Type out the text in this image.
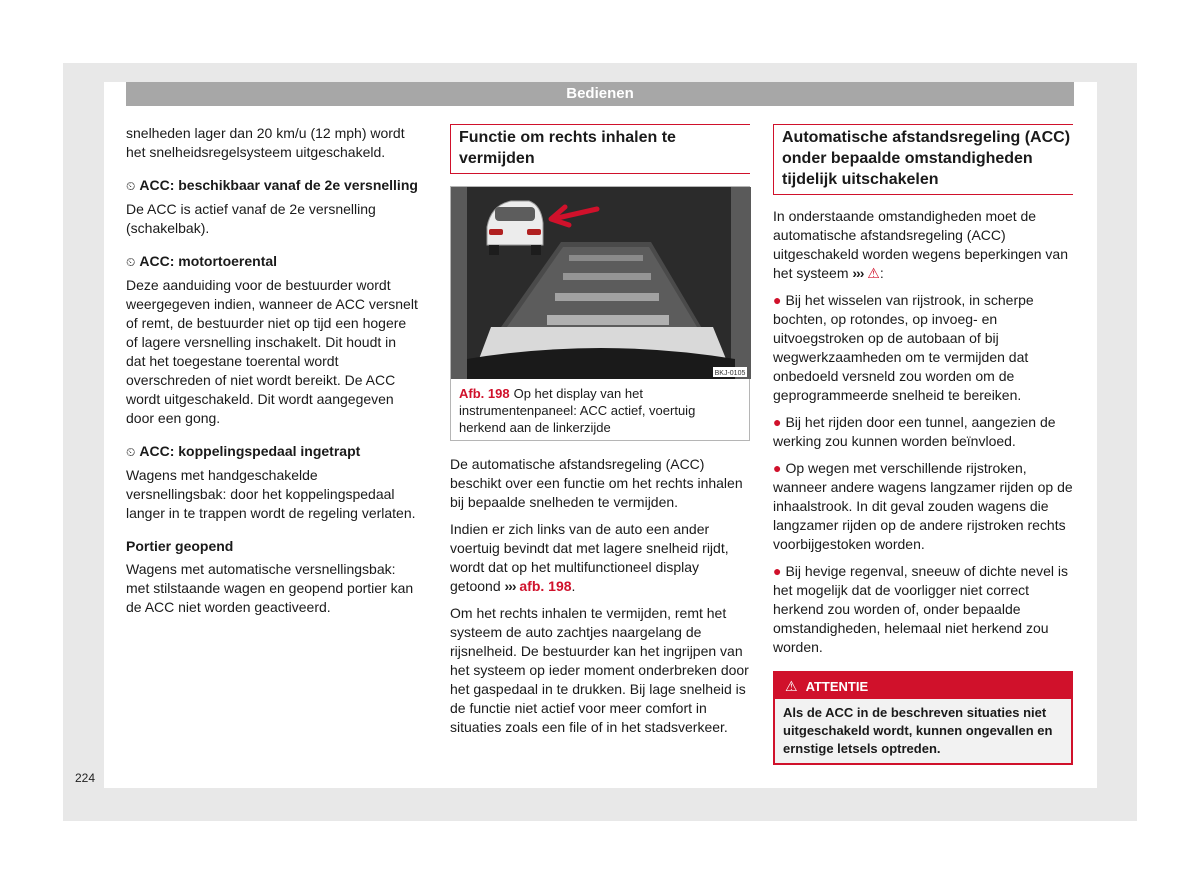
Bedienen

snelheden lager dan 20 km/u (12 mph) wordt het snelheidsregelsysteem uitgeschakeld.

⏲ ACC: beschikbaar vanaf de 2e versnelling

De ACC is actief vanaf de 2e versnelling (schakelbak).

⏲ ACC: motortoerental

Deze aanduiding voor de bestuurder wordt weergegeven indien, wanneer de ACC versnelt of remt, de bestuurder niet op tijd een hogere of lagere versnelling inschakelt. Dit houdt in dat het toegestane toerental wordt overschreden of niet wordt bereikt. De ACC wordt uitgeschakeld. Dit wordt aangegeven door een gong.

⏲ ACC: koppelingspedaal ingetrapt

Wagens met handgeschakelde versnellingsbak: door het koppelingspedaal langer in te trappen wordt de regeling verlaten.

Portier geopend

Wagens met automatische versnellingsbak: met stilstaande wagen en geopend portier kan de ACC niet worden geactiveerd.

Functie om rechts inhalen te vermijden
BKJ-0105
Afb. 198 Op het display van het instrumentenpaneel: ACC actief, voertuig herkend aan de linkerzijde

De automatische afstandsregeling (ACC) beschikt over een functie om het rechts inhalen bij bepaalde snelheden te vermijden.

Indien er zich links van de auto een ander voertuig bevindt dat met lagere snelheid rijdt, wordt dat op het multifunctioneel display getoond ››› afb. 198.

Om het rechts inhalen te vermijden, remt het systeem de auto zachtjes naargelang de rijsnelheid. De bestuurder kan het ingrijpen van het systeem op ieder moment onderbreken door het gaspedaal in te drukken. Bij lage snelheid is de functie niet actief voor meer comfort in situaties zoals een file of in het stadsverkeer.

Automatische afstandsregeling (ACC) onder bepaalde omstandigheden tijdelijk uitschakelen

In onderstaande omstandigheden moet de automatische afstandsregeling (ACC) uitgeschakeld worden wegens beperkingen van het systeem ››› ⚠:

● Bij het wisselen van rijstrook, in scherpe bochten, op rotondes, op invoeg- en uitvoegstroken op de autobaan of bij wegwerkzaamheden om te vermijden dat onbedoeld versneld zou worden om de geprogrammeerde snelheid te bereiken.

● Bij het rijden door een tunnel, aangezien de werking zou kunnen worden beïnvloed.

● Op wegen met verschillende rijstroken, wanneer andere wagens langzamer rijden op de inhaalstrook. In dit geval zouden wagens die langzamer rijden op de andere rijstroken rechts voorbijgestoken worden.

● Bij hevige regenval, sneeuw of dichte nevel is het mogelijk dat de voorligger niet correct herkend zou worden of, onder bepaalde omstandigheden, helemaal niet herkend zou worden.

⚠ ATTENTIE
Als de ACC in de beschreven situaties niet uitgeschakeld wordt, kunnen ongevallen en ernstige letsels optreden.
224
